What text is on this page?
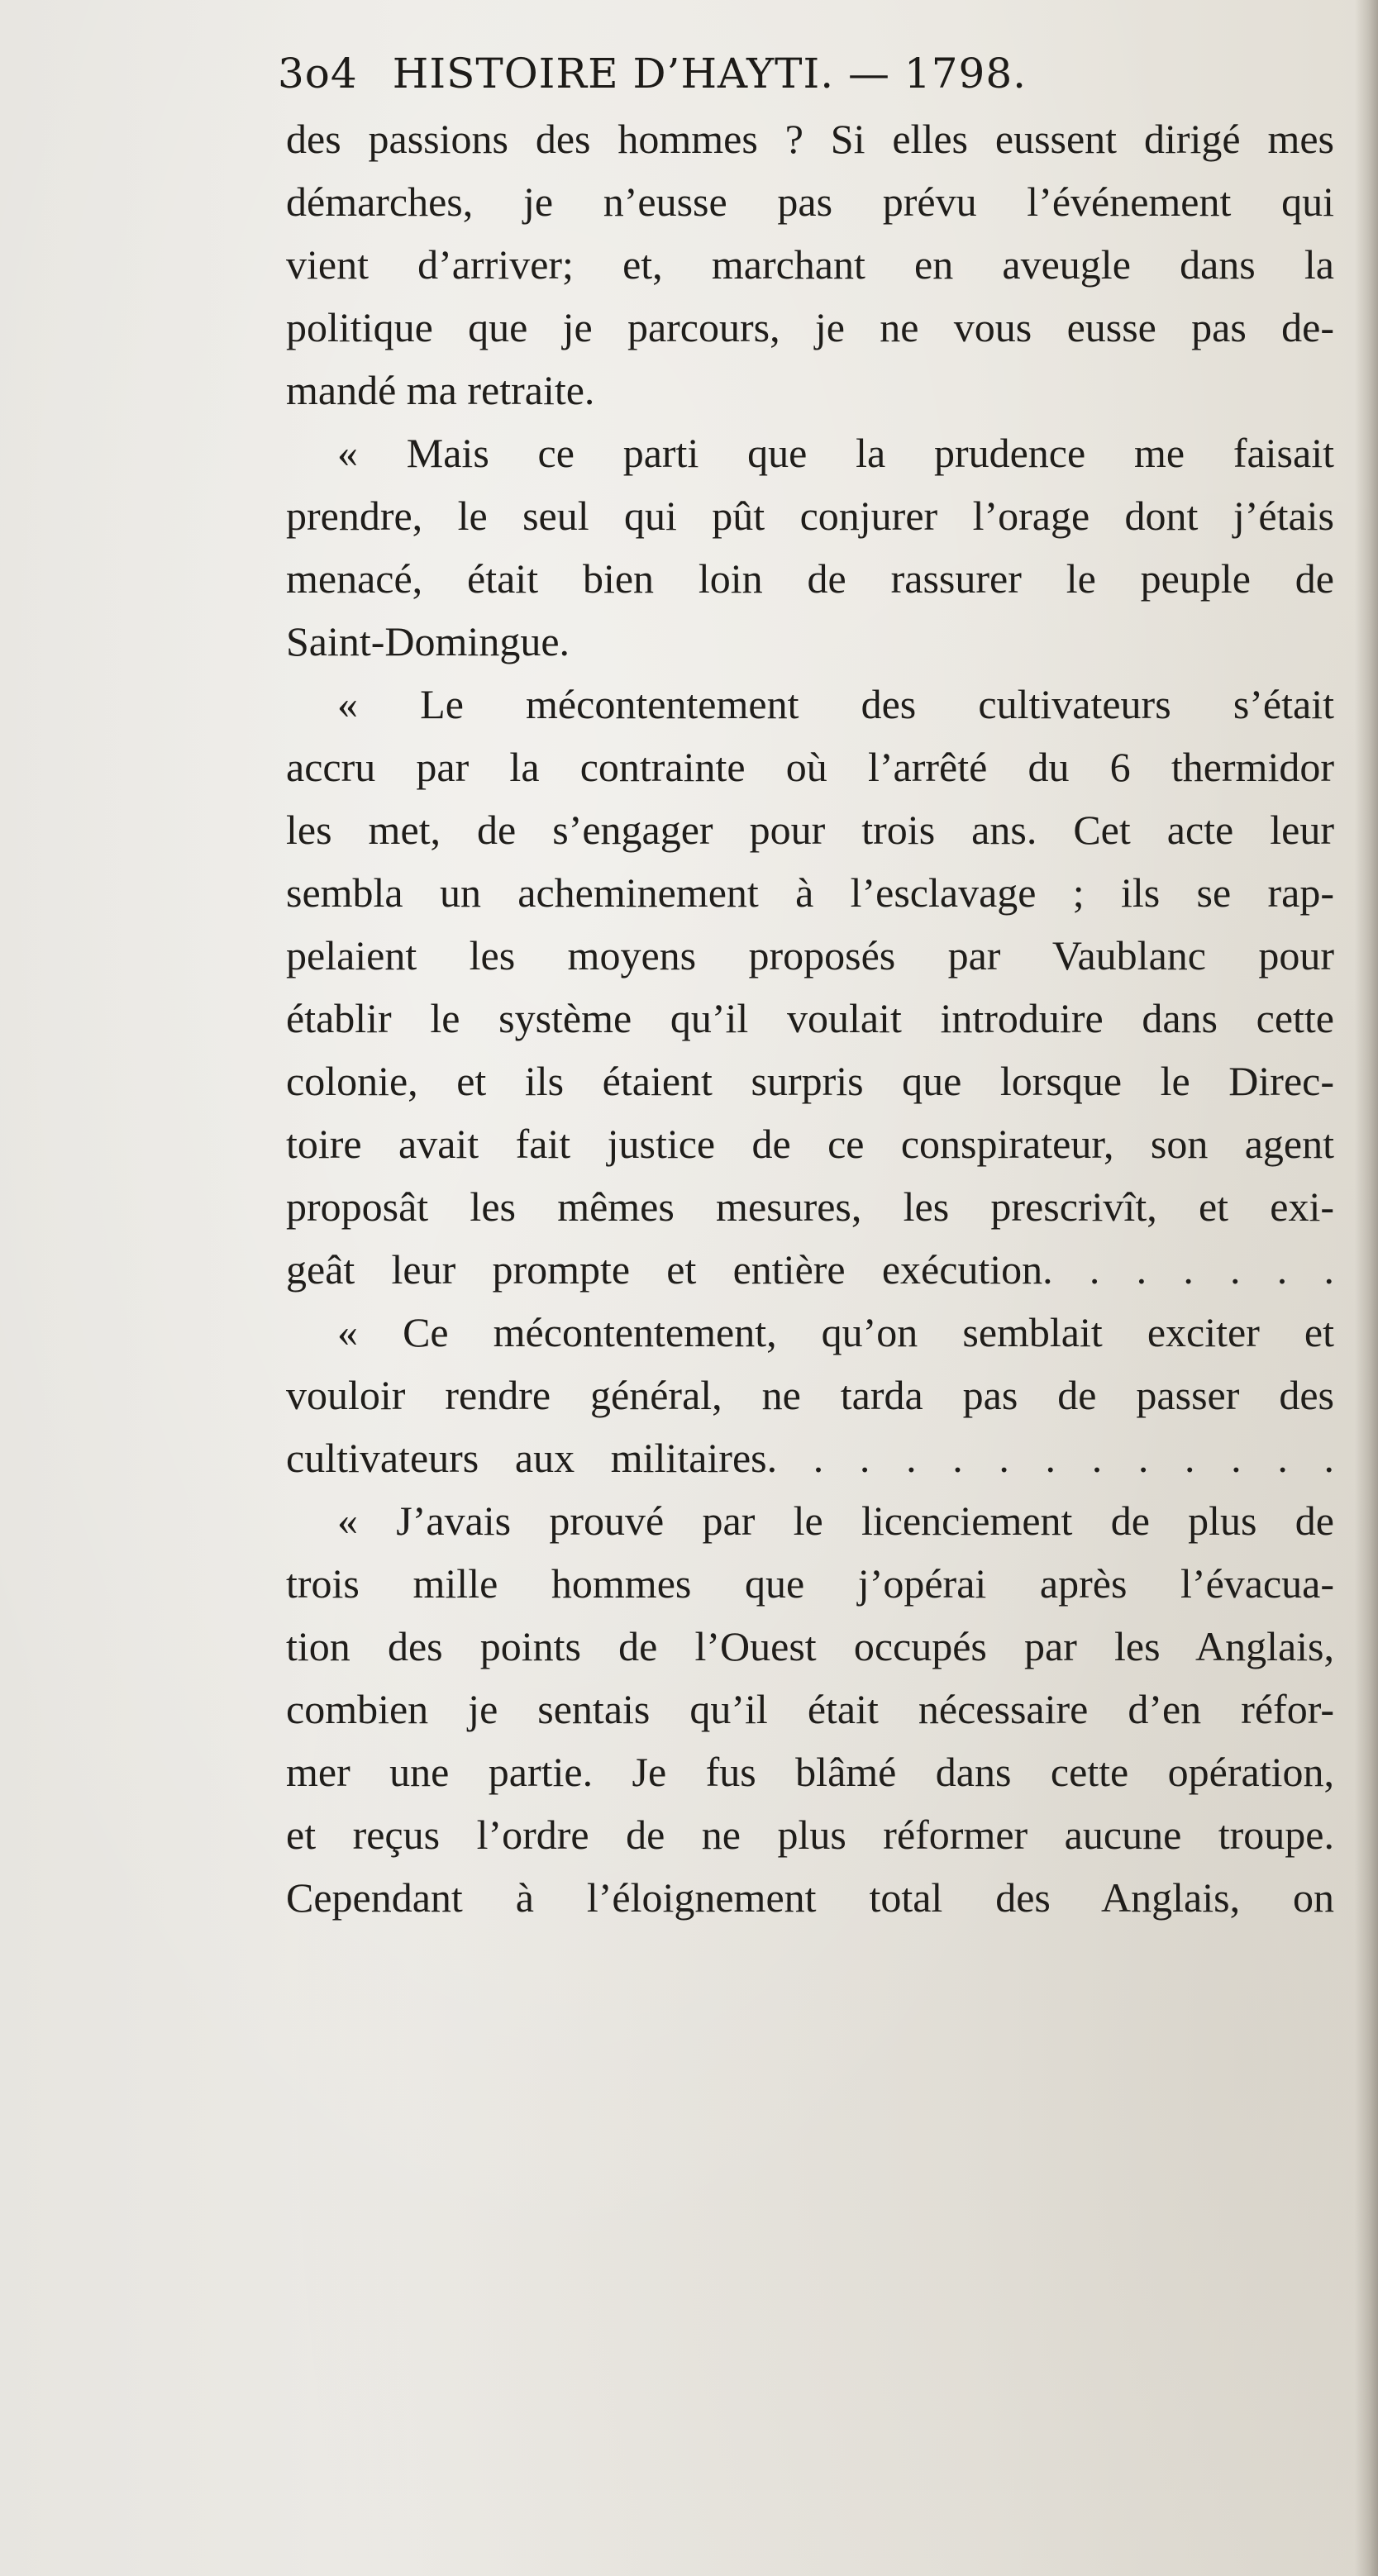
3o4 HISTOIRE D’HAYTI. — 1798.

des passions des hommes ? Si elles eussent dirigé mes
démarches, je n’eusse pas prévu l’événement qui
vient d’arriver; et, marchant en aveugle dans la
politique que je parcours, je ne vous eusse pas de-
mandé ma retraite.

« Mais ce parti que la prudence me faisait
prendre, le seul qui pût conjurer l’orage dont j’étais
menacé, était bien loin de rassurer le peuple de
Saint-Domingue.

« Le mécontentement des cultivateurs s’était
accru par la contrainte où l’arrêté du 6 thermidor
les met, de s’engager pour trois ans. Cet acte leur
sembla un acheminement à l’esclavage ; ils se rap-
pelaient les moyens proposés par Vaublanc pour
établir le système qu’il voulait introduire dans cette
colonie, et ils étaient surpris que lorsque le Direc-
toire avait fait justice de ce conspirateur, son agent
proposât les mêmes mesures, les prescrivît, et exi-
geât leur prompte et entière exécution. . . . . . .

« Ce mécontentement, qu’on semblait exciter et
vouloir rendre général, ne tarda pas de passer des
cultivateurs aux militaires. . . . . . . . . . . . .

« J’avais prouvé par le licenciement de plus de
trois mille hommes que j’opérai après l’évacua-
tion des points de l’Ouest occupés par les Anglais,
combien je sentais qu’il était nécessaire d’en réfor-
mer une partie. Je fus blâmé dans cette opération,
et reçus l’ordre de ne plus réformer aucune troupe.
Cependant à l’éloignement total des Anglais, on
